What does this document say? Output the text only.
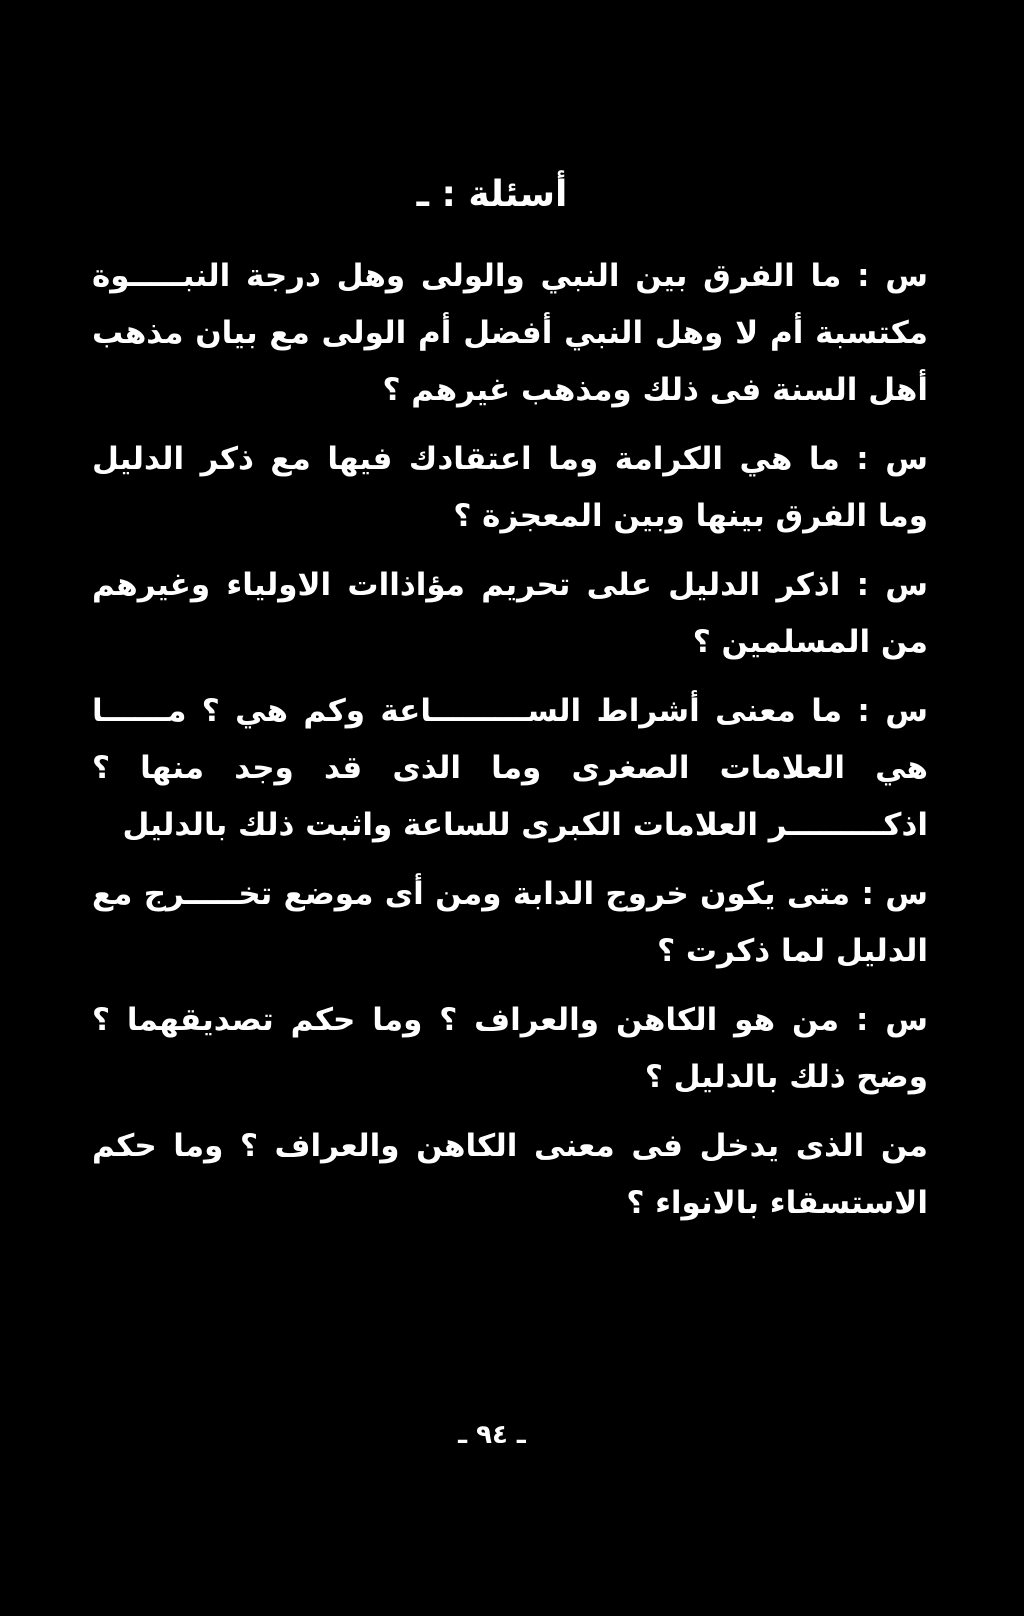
أسئلة : ـ

س : ما الفرق بين النبي والولى وهل درجة النبـــــوة مكتسبة أم لا وهل النبي أفضل أم الولى مع بيان مذهب أهل السنة فى ذلك ومذهب غيرهم ؟

س : ما هي الكرامة وما اعتقادك فيها مع ذكر الدليل وما الفرق بينها وبين المعجزة ؟

س : اذكر الدليل على تحريم مؤاذاات الاولياء وغيرهم من المسلمين ؟

س : ما معنى أشراط الســـــــــاعة وكم هي ؟ مــــــا هي العلامات الصغرى وما الذى قد وجد منها ؟ اذكـــــــــر العلامات الكبرى للساعة واثبت ذلك بالدليل

س : متى يكون خروج الدابة ومن أى موضع تخـــــرج مع الدليل لما ذكرت ؟

س : من هو الكاهن والعراف ؟ وما حكم تصديقهما ؟ وضح ذلك بالدليل ؟

من الذى يدخل فى معنى الكاهن والعراف ؟ وما حكم الاستسقاء بالانواء ؟

ـ ٩٤ ـ
